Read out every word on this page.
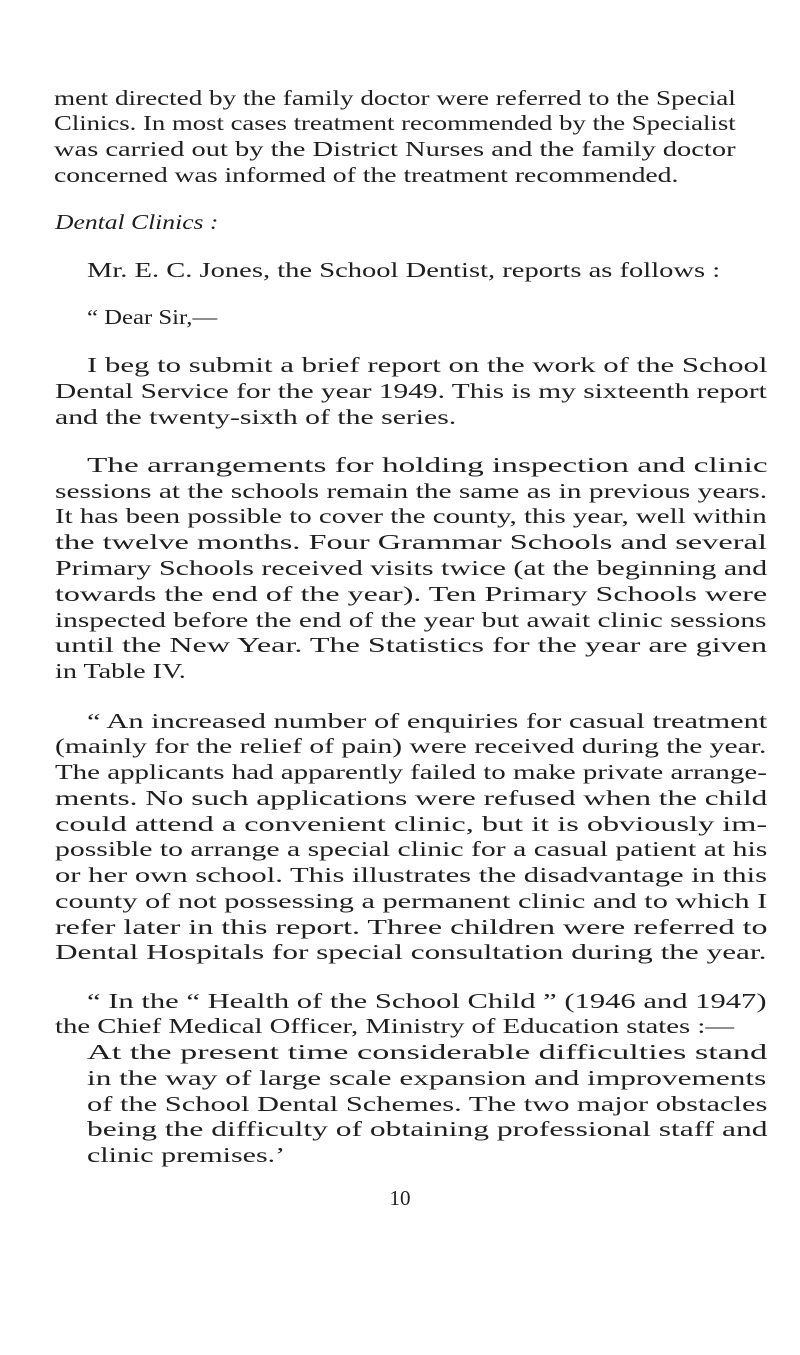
ment directed by the family doctor were referred to the Special

Clinics. In most cases treatment recommended by the Specialist

was carried out by the District Nurses and the family doctor

concerned was informed of the treatment recommended.

Dental Clinics :

Mr. E. C. Jones, the School Dentist, reports as follows :

“ Dear Sir,—

I beg to submit a brief report on the work of the School

Dental Service for the year 1949. This is my sixteenth report

and the twenty-sixth of the series.

The arrangements for holding inspection and clinic

sessions at the schools remain the same as in previous years.

It has been possible to cover the county, this year, well within

the twelve months. Four Grammar Schools and several

Primary Schools received visits twice (at the beginning and

towards the end of the year). Ten Primary Schools were

inspected before the end of the year but await clinic sessions

until the New Year. The Statistics for the year are given

in Table IV.

“ An increased number of enquiries for casual treatment

(mainly for the relief of pain) were received during the year.

The applicants had apparently failed to make private arrange-

ments. No such applications were refused when the child

could attend a convenient clinic, but it is obviously im-

possible to arrange a special clinic for a casual patient at his

or her own school. This illustrates the disadvantage in this

county of not possessing a permanent clinic and to which I

refer later in this report. Three children were referred to

Dental Hospitals for special consultation during the year.

“ In the “ Health of the School Child ” (1946 and 1947)

the Chief Medical Officer, Ministry of Education states :—

At the present time considerable difficulties stand

in the way of large scale expansion and improvements

of the School Dental Schemes. The two major obstacles

being the difficulty of obtaining professional staff and

clinic premises.’

10
